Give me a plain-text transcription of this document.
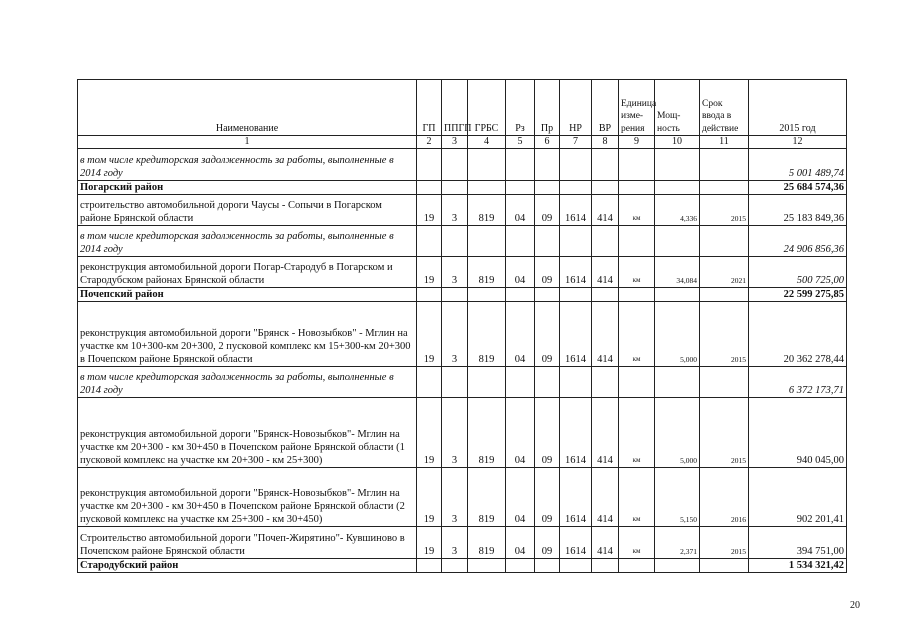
Наименование	ГП	ППГП	ГРБС	Рз	Пр	НР	ВР	Единица изме-рения	Мощ-ность	Срок ввода в действие	2015 год
1	2	3	4	5	6	7	8	9	10	11	12
в том числе кредиторская задолженность за работы, выполненные в 2014 году											5 001 489,74
Погарский район											25 684 574,36
строительство автомобильной дороги Чаусы - Сопычи в Погарском районе Брянской области	19	3	819	04	09	1614	414	км	4,336	2015	25 183 849,36
в том числе кредиторская задолженность за работы, выполненные в 2014 году											24 906 856,36
реконструкция автомобильной дороги Погар-Стародуб в Погарском и Стародубском районах Брянской области	19	3	819	04	09	1614	414	км	34,084	2021	500 725,00
Почепский район											22 599 275,85
реконструкция автомобильной дороги "Брянск - Новозыбков" - Мглин на участке км 10+300-км 20+300, 2 пусковой комплекс км 15+300-км 20+300 в Почепском районе Брянской области	19	3	819	04	09	1614	414	км	5,000	2015	20 362 278,44
в том числе кредиторская задолженность за работы, выполненные в 2014 году											6 372 173,71
реконструкция автомобильной дороги "Брянск-Новозыбков"- Мглин на участке км 20+300 - км 30+450 в Почепском районе Брянской области (1 пусковой комплекс на участке км 20+300 - км 25+300)	19	3	819	04	09	1614	414	км	5,000	2015	940 045,00
реконструкция автомобильной дороги "Брянск-Новозыбков"- Мглин на участке км 20+300 - км 30+450 в Почепском районе Брянской области (2 пусковой комплекс на участке км 25+300 - км 30+450)	19	3	819	04	09	1614	414	км	5,150	2016	902 201,41
Строительство автомобильной дороги "Почеп-Жирятино"- Кувшиново в Почепском районе Брянской области	19	3	819	04	09	1614	414	км	2,371	2015	394 751,00
Стародубский район											1 534 321,42
20
